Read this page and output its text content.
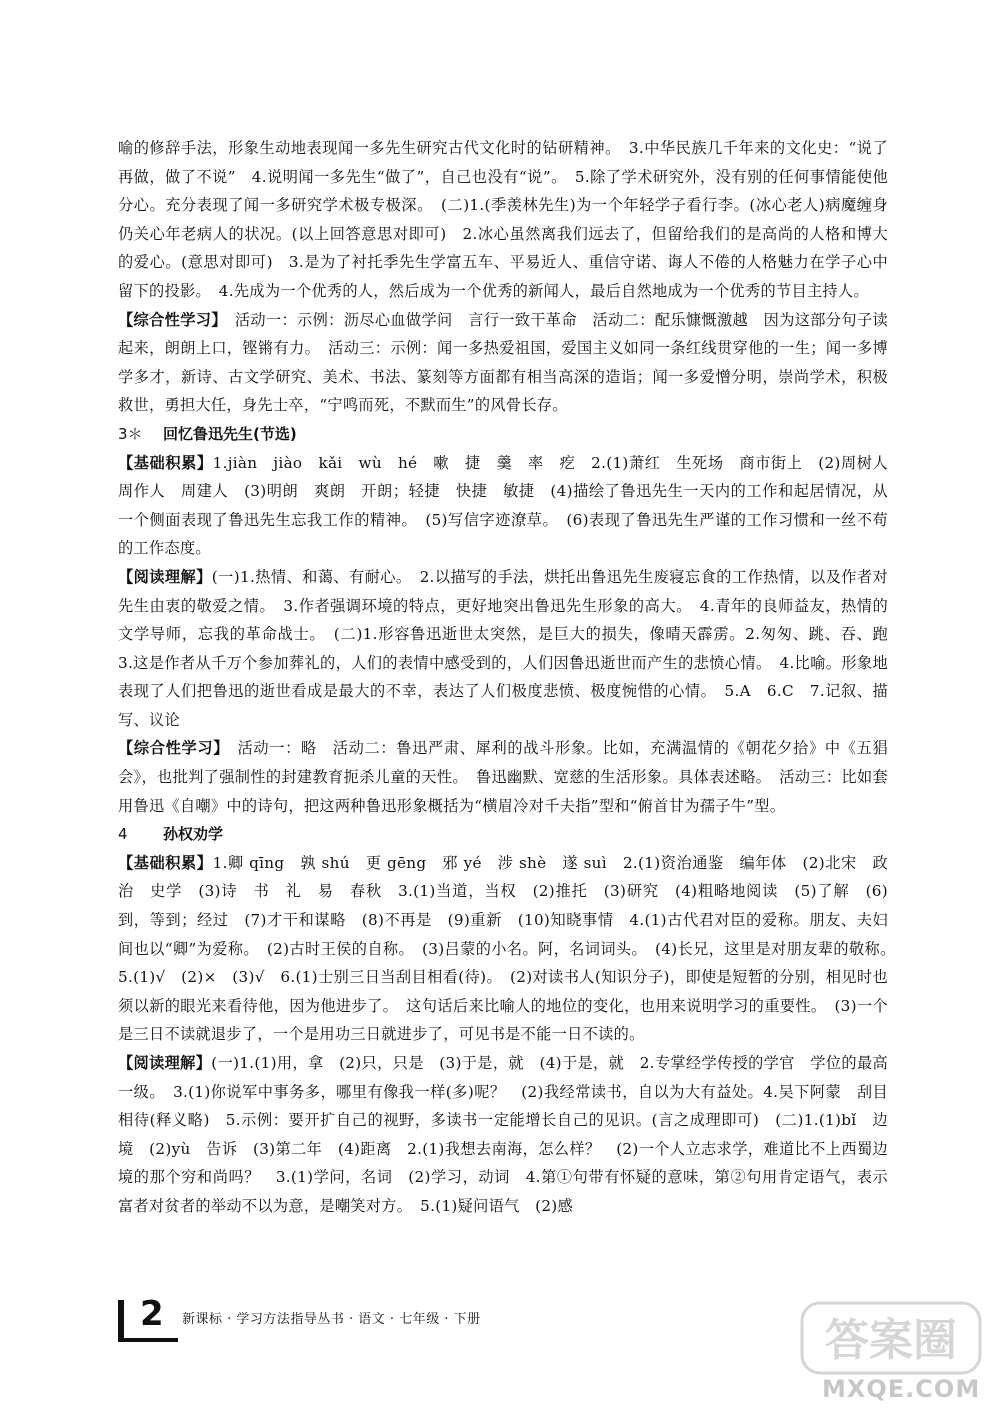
喻的修辞手法，形象生动地表现闻一多先生研究古代文化时的钻研精神。　3.中华民族几千年来的文化史：“说了再做，做了不说”　4.说明闻一多先生“做了”，自己也没有“说”。　5.除了学术研究外，没有别的任何事情能使他分心。充分表现了闻一多研究学术极专极深。　(二)1.(季羡林先生)为一个年轻学子看行李。(冰心老人)病魔缠身仍关心年老病人的状况。(以上回答意思对即可)　2.冰心虽然离我们远去了，但留给我们的是高尚的人格和博大的爱心。(意思对即可)　3.是为了衬托季先生学富五车、平易近人、重信守诺、诲人不倦的人格魅力在学子心中留下的投影。　4.先成为一个优秀的人，然后成为一个优秀的新闻人，最后自然地成为一个优秀的节目主持人。

【综合性学习】　 活动一：示例：沥尽心血做学问　言行一致干革命　活动二：配乐慷慨激越　因为这部分句子读起来，朗朗上口，铿锵有力。　活动三：示例：闻一多热爱祖国，爱国主义如同一条红线贯穿他的一生；闻一多博学多才，新诗、古文学研究、美术、书法、篆刻等方面都有相当高深的造诣；闻一多爱憎分明，崇尚学术，积极救世，勇担大任，身先士卒，“宁鸣而死，不默而生”的风骨长存。

3＊　 回忆鲁迅先生(节选)

【基础积累】1.jiàn　jiào　kǎi　wù　hé　嗽　捷　羹　率　疙　2.(1)萧红　生死场　商市街上　(2)周树人　周作人　周建人　(3)明朗　爽朗　开朗；轻捷　快捷　敏捷　(4)描绘了鲁迅先生一天内的工作和起居情况，从一个侧面表现了鲁迅先生忘我工作的精神。　(5)写信字迹潦草。　(6)表现了鲁迅先生严谨的工作习惯和一丝不苟的工作态度。

【阅读理解】(一)1.热情、和蔼、有耐心。　2.以描写的手法，烘托出鲁迅先生废寝忘食的工作热情，以及作者对先生由衷的敬爱之情。　3.作者强调环境的特点，更好地突出鲁迅先生形象的高大。　4.青年的良师益友，热情的文学导师，忘我的革命战士。　(二)1.形容鲁迅逝世太突然，是巨大的损失，像晴天霹雳。2.匆匆、跳、吞、跑　3.这是作者从千万个参加葬礼的，人们的表情中感受到的，人们因鲁迅逝世而产生的悲愤心情。　4.比喻。形象地表现了人们把鲁迅的逝世看成是最大的不幸，表达了人们极度悲愤、极度惋惜的心情。　5.A　6.C　7.记叙、描写、议论

【综合性学习】　 活动一：略　活动二：鲁迅严肃、犀利的战斗形象。比如，充满温情的《朝花夕拾》中《五猖会》，也批判了强制性的封建教育扼杀儿童的天性。　鲁迅幽默、宽慈的生活形象。具体表述略。　活动三：比如套用鲁迅《自嘲》中的诗句，把这两种鲁迅形象概括为“横眉冷对千夫指”型和“俯首甘为孺子牛”型。

4　 孙权劝学

【基础积累】1.卿 qīng　孰 shú　更 gēng　邪 yé　涉 shè　遂 suì　2.(1)资治通鉴　编年体　(2)北宋　政治　史学　(3)诗　书　礼　易　春秋　3.(1)当道，当权　(2)推托　(3)研究　(4)粗略地阅读　(5)了解　(6)到，等到；经过　(7)才干和谋略　(8)不再是　(9)重新　(10)知晓事情　4.(1)古代君对臣的爱称。朋友、夫妇间也以“卿”为爱称。　(2)古时王侯的自称。　(3)吕蒙的小名。阿，名词词头。　(4)长兄，这里是对朋友辈的敬称。　5.(1)√　(2)×　(3)√　6.(1)士别三日当刮目相看(待)。　(2)对读书人(知识分子)，即使是短暂的分别，相见时也须以新的眼光来看待他，因为他进步了。　这句话后来比喻人的地位的变化，也用来说明学习的重要性。　(3)一个是三日不读就退步了，一个是用功三日就进步了，可见书是不能一日不读的。

【阅读理解】(一)1.(1)用，拿　(2)只，只是　(3)于是，就　(4)于是，就　2.专掌经学传授的学官　学位的最高一级。　3.(1)你说军中事务多，哪里有像我一样(多)呢？　(2)我经常读书，自以为大有益处。4.吴下阿蒙　刮目相待(释义略)　5.示例：要开扩自己的视野，多读书一定能增长自己的见识。(言之成理即可)　(二)1.(1)bǐ　边境　(2)yù　告诉　(3)第二年　(4)距离　2.(1)我想去南海，怎么样？　(2)一个人立志求学，难道比不上西蜀边境的那个穷和尚吗？　3.(1)学问，名词　(2)学习，动词　4.第①句带有怀疑的意味，第②句用肯定语气，表示富者对贫者的举动不以为意，是嘲笑对方。　5.(1)疑问语气　(2)感

2 新课标 · 学习方法指导丛书 · 语文 · 七年级 · 下册	答案圈
MXQE.COM
